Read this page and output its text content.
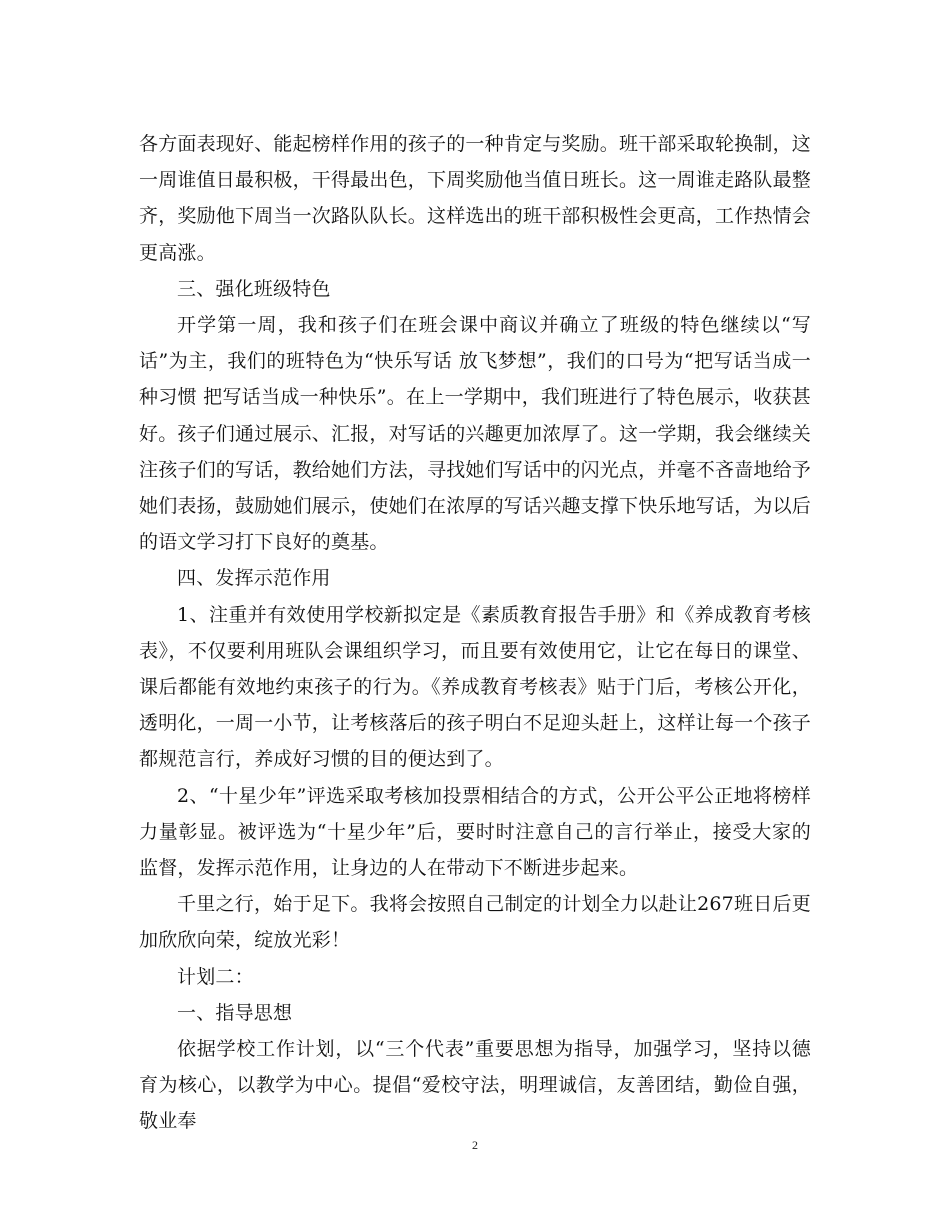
各方面表现好、能起榜样作用的孩子的一种肯定与奖励。班干部采取轮换制，这一周谁值日最积极，干得最出色，下周奖励他当值日班长。这一周谁走路队最整齐，奖励他下周当一次路队队长。这样选出的班干部积极性会更高，工作热情会更高涨。

三、强化班级特色

开学第一周，我和孩子们在班会课中商议并确立了班级的特色继续以“写话”为主，我们的班特色为“快乐写话 放飞梦想”，我们的口号为“把写话当成一种习惯 把写话当成一种快乐”。在上一学期中，我们班进行了特色展示，收获甚好。孩子们通过展示、汇报，对写话的兴趣更加浓厚了。这一学期，我会继续关注孩子们的写话，教给她们方法，寻找她们写话中的闪光点，并毫不吝啬地给予她们表扬，鼓励她们展示，使她们在浓厚的写话兴趣支撑下快乐地写话，为以后的语文学习打下良好的奠基。

四、发挥示范作用

1、注重并有效使用学校新拟定是《素质教育报告手册》和《养成教育考核表》，不仅要利用班队会课组织学习，而且要有效使用它，让它在每日的课堂、课后都能有效地约束孩子的行为。《养成教育考核表》贴于门后，考核公开化，透明化，一周一小节，让考核落后的孩子明白不足迎头赶上，这样让每一个孩子都规范言行，养成好习惯的目的便达到了。

2、“十星少年”评选采取考核加投票相结合的方式，公开公平公正地将榜样力量彰显。被评选为“十星少年”后，要时时注意自己的言行举止，接受大家的监督，发挥示范作用，让身边的人在带动下不断进步起来。

千里之行，始于足下。我将会按照自己制定的计划全力以赴让267班日后更加欣欣向荣，绽放光彩！

计划二：

一、指导思想

依据学校工作计划，以“三个代表”重要思想为指导，加强学习，坚持以德育为核心，以教学为中心。提倡“爱校守法，明理诚信，友善团结，勤俭自强，敬业奉

2
